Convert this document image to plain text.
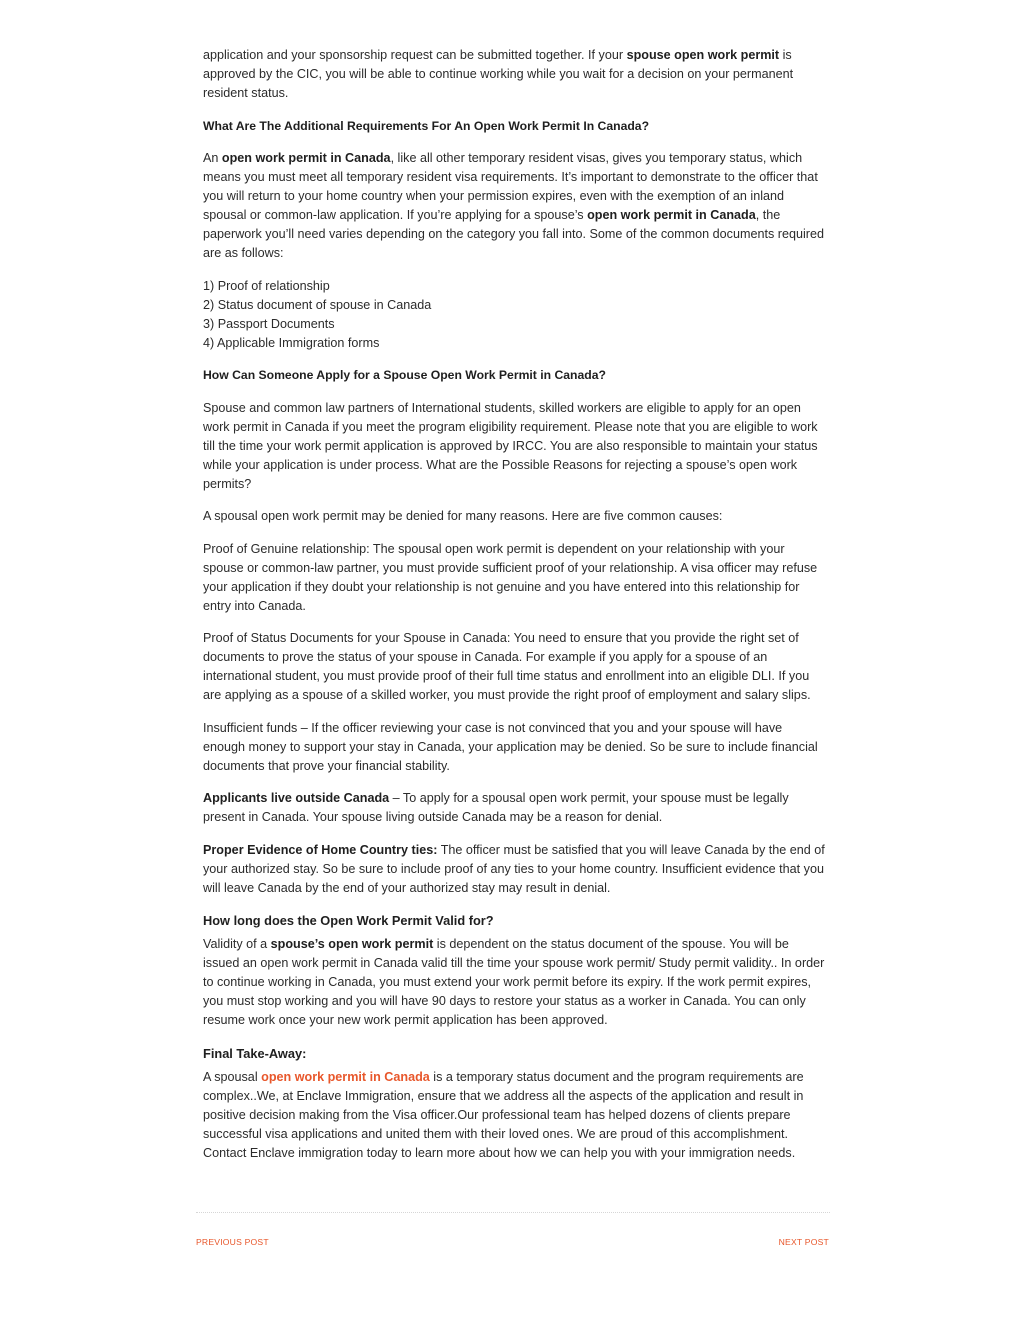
application and your sponsorship request can be submitted together. If your spouse open work permit is approved by the CIC, you will be able to continue working while you wait for a decision on your permanent resident status.

What Are The Additional Requirements For An Open Work Permit In Canada?

An open work permit in Canada, like all other temporary resident visas, gives you temporary status, which means you must meet all temporary resident visa requirements. It’s important to demonstrate to the officer that you will return to your home country when your permission expires, even with the exemption of an inland spousal or common-law application. If you’re applying for a spouse’s open work permit in Canada, the paperwork you’ll need varies depending on the category you fall into. Some of the common documents required are as follows:

1) Proof of relationship
2) Status document of spouse in Canada
3) Passport Documents
4) Applicable Immigration forms
How Can Someone Apply for a Spouse Open Work Permit in Canada?

Spouse and common law partners of International students, skilled workers are eligible to apply for an open work permit in Canada if you meet the program eligibility requirement. Please note that you are eligible to work till the time your work permit application is approved by IRCC. You are also responsible to maintain your status while your application is under process. What are the Possible Reasons for rejecting a spouse’s open work permits?

A spousal open work permit may be denied for many reasons. Here are five common causes:

Proof of Genuine relationship: The spousal open work permit is dependent on your relationship with your spouse or common-law partner, you must provide sufficient proof of your relationship. A visa officer may refuse your application if they doubt your relationship is not genuine and you have entered into this relationship for entry into Canada.

Proof of Status Documents for your Spouse in Canada: You need to ensure that you provide the right set of documents to prove the status of your spouse in Canada. For example if you apply for a spouse of an international student, you must provide proof of their full time status and enrollment into an eligible DLI. If you are applying as a spouse of a skilled worker, you must provide the right proof of employment and salary slips.

Insufficient funds – If the officer reviewing your case is not convinced that you and your spouse will have enough money to support your stay in Canada, your application may be denied. So be sure to include financial documents that prove your financial stability.

Applicants live outside Canada – To apply for a spousal open work permit, your spouse must be legally present in Canada. Your spouse living outside Canada may be a reason for denial.

Proper Evidence of Home Country ties: The officer must be satisfied that you will leave Canada by the end of your authorized stay. So be sure to include proof of any ties to your home country. Insufficient evidence that you will leave Canada by the end of your authorized stay may result in denial.

How long does the Open Work Permit Valid for?

Validity of a spouse’s open work permit is dependent on the status document of the spouse. You will be issued an open work permit in Canada valid till the time your spouse work permit/ Study permit validity.. In order to continue working in Canada, you must extend your work permit before its expiry. If the work permit expires, you must stop working and you will have 90 days to restore your status as a worker in Canada. You can only resume work once your new work permit application has been approved.

Final Take-Away:

A spousal open work permit in Canada is a temporary status document and the program requirements are complex..We, at Enclave Immigration, ensure that we address all the aspects of the application and result in positive decision making from the Visa officer.Our professional team has helped dozens of clients prepare successful visa applications and united them with their loved ones. We are proud of this accomplishment. Contact Enclave immigration today to learn more about how we can help you with your immigration needs.

PREVIOUS POST	NEXT POST
